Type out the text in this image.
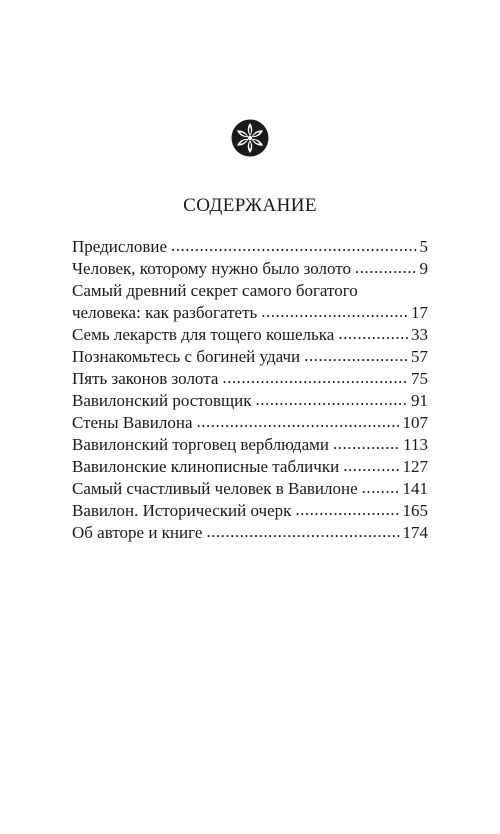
СОДЕРЖАНИЕ
Предисловие .....	5
Человек, которому нужно было золото .....	9
Самый древний секрет самого богатого
человека: как разбогатеть .....	17
Семь лекарств для тощего кошелька .....	33
Познакомьтесь с богиней удачи .....	57
Пять законов золота .....	75
Вавилонский ростовщик .....	91
Стены Вавилона .....	107
Вавилонский торговец верблюдами .....	113
Вавилонские клинописные таблички .....	127
Самый счастливый человек в Вавилоне .....	141
Вавилон. Исторический очерк .....	165
Об авторе и книге .....	174
